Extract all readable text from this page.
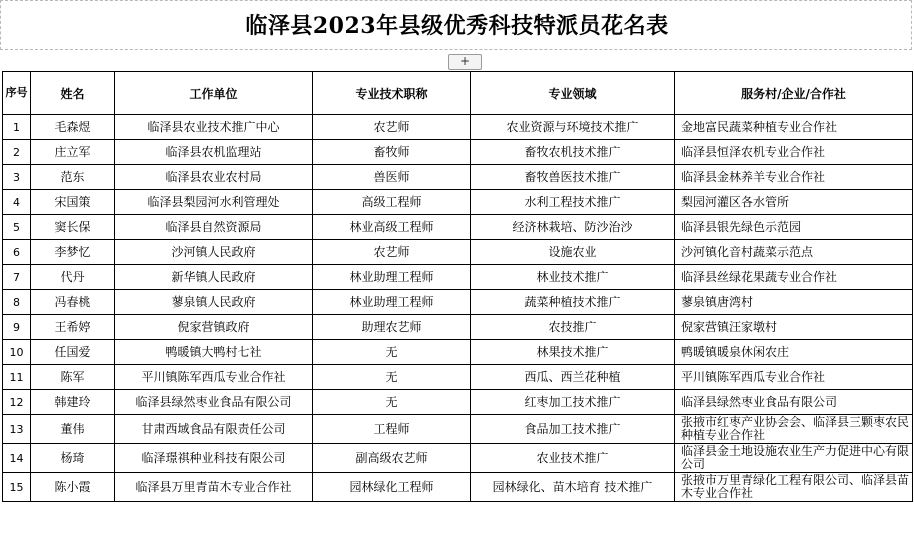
临泽县2023年县级优秀科技特派员花名表
+
序号	姓名	工作单位	专业技术职称	专业领域	服务村/企业/合作社
1	毛森煜	临泽县农业技术推广中心	农艺师	农业资源与环境技术推广	金地富民蔬菜种植专业合作社
2	庄立军	临泽县农机监理站	畜牧师	畜牧农机技术推广	临泽县恒泽农机专业合作社
3	范东	临泽县农业农村局	兽医师	畜牧兽医技术推广	临泽县金林养羊专业合作社
4	宋国策	临泽县梨园河水利管理处	高级工程师	水利工程技术推广	梨园河灌区各水管所
5	窦长保	临泽县自然资源局	林业高级工程师	经济林栽培、防沙治沙	临泽县银先绿色示范园
6	李梦忆	沙河镇人民政府	农艺师	设施农业	沙河镇化音村蔬菜示范点
7	代丹	新华镇人民政府	林业助理工程师	林业技术推广	临泽县丝绿花果蔬专业合作社
8	冯春桃	蓼泉镇人民政府	林业助理工程师	蔬菜种植技术推广	蓼泉镇唐湾村
9	王希婷	倪家营镇政府	助理农艺师	农技推广	倪家营镇汪家墩村
10	任国爱	鸭暖镇大鸭村七社	无	林果技术推广	鸭暖镇暖泉休闲农庄
11	陈军	平川镇陈军西瓜专业合作社	无	西瓜、西兰花种植	平川镇陈军西瓜专业合作社
12	韩建玲	临泽县绿然枣业食品有限公司	无	红枣加工技术推广	临泽县绿然枣业食品有限公司
13	董伟	甘肃西域食品有限责任公司	工程师	食品加工技术推广	张掖市红枣产业协会会、临泽县三颗枣农民种植专业合作社
14	杨琦	临泽璟祺种业科技有限公司	副高级农艺师	农业技术推广	临泽县金土地设施农业生产力促进中心有限公司
15	陈小霞	临泽县万里青苗木专业合作社	园林绿化工程师	园林绿化、苗木培育 技术推广	张掖市万里青绿化工程有限公司、临泽县苗木专业合作社
